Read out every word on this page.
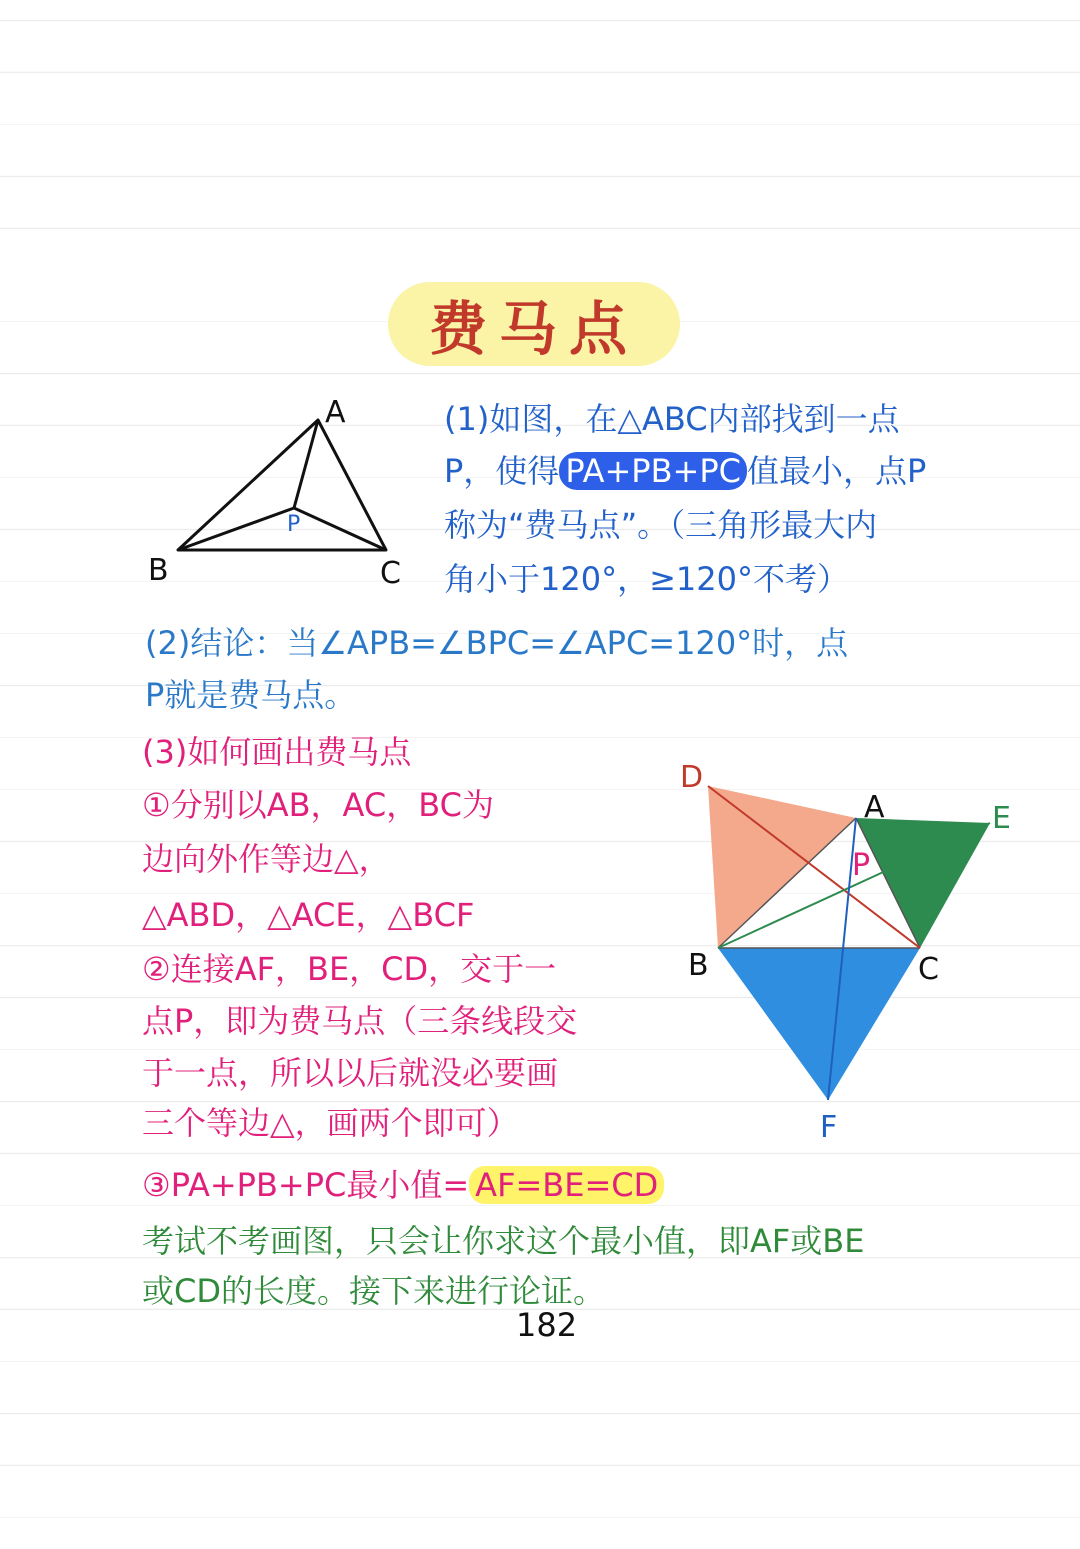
费马点
A
B	C
P
(1)如图，在△ABC内部找到一点
P，使得 PA+PB+PC 值最小，点P
称为“费马点”。（三角形最大内
角小于120°，≥120°不考）
(2)结论：当∠APB=∠BPC=∠APC=120°时，点
P就是费马点。
(3)如何画出费马点
①分别以AB，AC，BC为
边向外作等边△，
△ABD，△ACE，△BCF
②连接AF，BE，CD，交于一
点P，即为费马点（三条线段交
于一点，所以以后就没必要画
三个等边△，画两个即可）
③PA+PB+PC最小值= AF=BE=CD
D
A	E
P
B	C
F
考试不考画图，只会让你求这个最小值，即AF或BE
或CD的长度。接下来进行论证。
182
